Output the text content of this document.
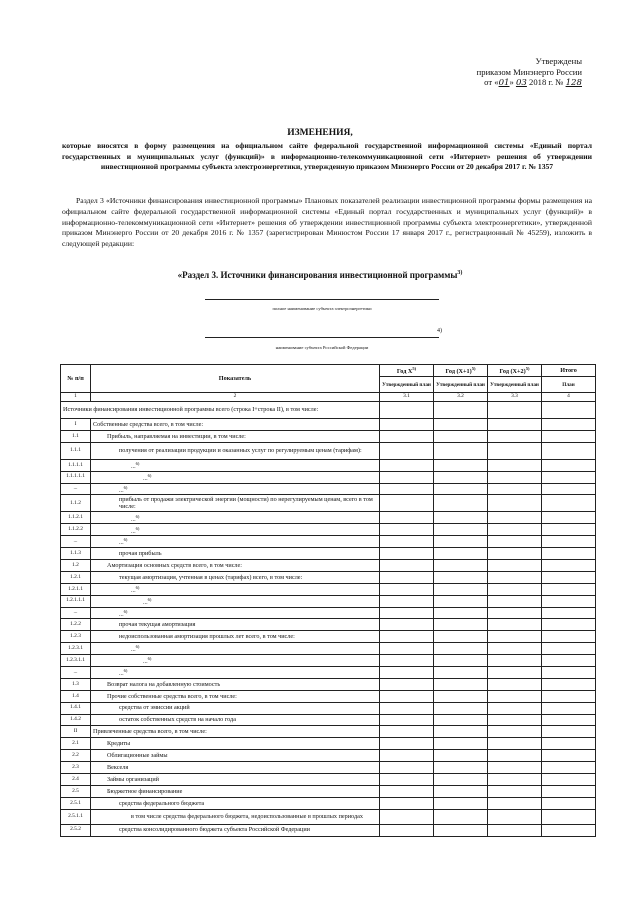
Утверждены
приказом Минэнерго России
от «01» 03 2018 г. № 128
ИЗМЕНЕНИЯ,
которые вносятся в форму размещения на официальном сайте федеральной государственной информационной системы «Единый портал государственных и муниципальных услуг (функций)» в информационно-телекоммуникационной сети «Интернет» решения об утверждении инвестиционной программы субъекта электроэнергетики, утвержденную приказом Минэнерго России от 20 декабря 2017 г. № 1357
Раздел 3 «Источники финансирования инвестиционной программы» Плановых показателей реализации инвестиционной программы формы размещения на официальном сайте федеральной государственной информационной системы «Единый портал государственных и муниципальных услуг (функций)» в информационно-телекоммуникационной сети «Интернет» решения об утверждении инвестиционной программы субъекта электроэнергетики», утвержденной приказом Минэнерго России от 20 декабря 2016 г. № 1357 (зарегистрирован Минюстом России 17 января 2017 г., регистрационный № 45259), изложить в следующей редакции:
«Раздел 3. Источники финансирования инвестиционной программы$^{3)}$
полное наименование субъекта электроэнергетики
4)
наименование субъекта Российской Федерации
№ п/п	Показатель	Год $X^{5)}$	Год $(X+1)^{5)}$	Год $(X+2)^{5)}$	Итого
		Утвержденный план	Утвержденный план	Утвержденный план	План
1	2	3.1	3.2	3.3	4
Источники финансирования инвестиционной программы всего (строка I+строка II), в том числе:					
I	Собственные средства всего, в том числе:				
1.1	Прибыль, направляемая на инвестиции, в том числе:				
1.1.1	получения от реализации продукции и оказанных услуг по регулируемым ценам (тарифам):				
1.1.1.1	...$^{6)}$				
1.1.1.1.1	...$^{6)}$				
...	...$^{6)}$				
1.1.2	прибыль от продажи электрической энергии (мощности) по нерегулируемым ценам, всего в том числе:				
1.1.2.1	...$^{6)}$				
1.1.2.2	...$^{6)}$				
...	...$^{6)}$				
1.1.3	прочая прибыль				
1.2	Амортизация основных средств всего, в том числе:				
1.2.1	текущая амортизация, учтенная в ценах (тарифах) всего, в том числе:				
1.2.1.1	...$^{6)}$				
1.2.1.1.1	...$^{6)}$				
...	...$^{6)}$				
1.2.2	прочая текущая амортизация				
1.2.3	недоиспользованная амортизация прошлых лет всего, в том числе:				
1.2.3.1	...$^{6)}$				
1.2.3.1.1	...$^{6)}$				
...	...$^{6)}$				
1.3	Возврат налога на добавленную стоимость				
1.4	Прочие собственные средства всего, в том числе:				
1.4.1	средства от эмиссии акций				
1.4.2	остаток собственных средств на начало года				
II	Привлеченные средства всего, в том числе:				
2.1	Кредиты				
2.2	Облигационные займы				
2.3	Векселя				
2.4	Займы организаций				
2.5	Бюджетное финансирование				
2.5.1	средства федерального бюджета				
2.5.1.1	в том числе средства федерального бюджета, недоиспользованные в прошлых периодах				
2.5.2	средства консолидированного бюджета субъекта Российской Федерации				
